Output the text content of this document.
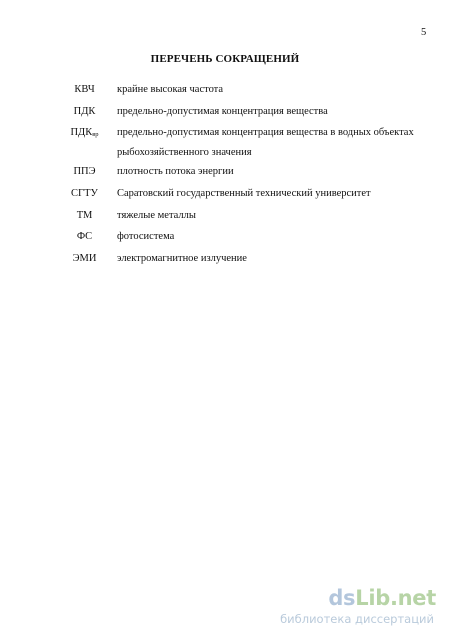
5
ПЕРЕЧЕНЬ СОКРАЩЕНИЙ
КВЧ	крайне высокая частота
ПДК	предельно-допустимая концентрация вещества
$ПДК_{вр}$	предельно-допустимая концентрация вещества в водных объектах рыбохозяйственного значения
ППЭ	плотность потока энергии
СГТУ	Саратовский государственный технический университет
ТМ	тяжелые металлы
ФС	фотосистема
ЭМИ	электромагнитное излучение
dsLib.net
библиотека диссертаций
